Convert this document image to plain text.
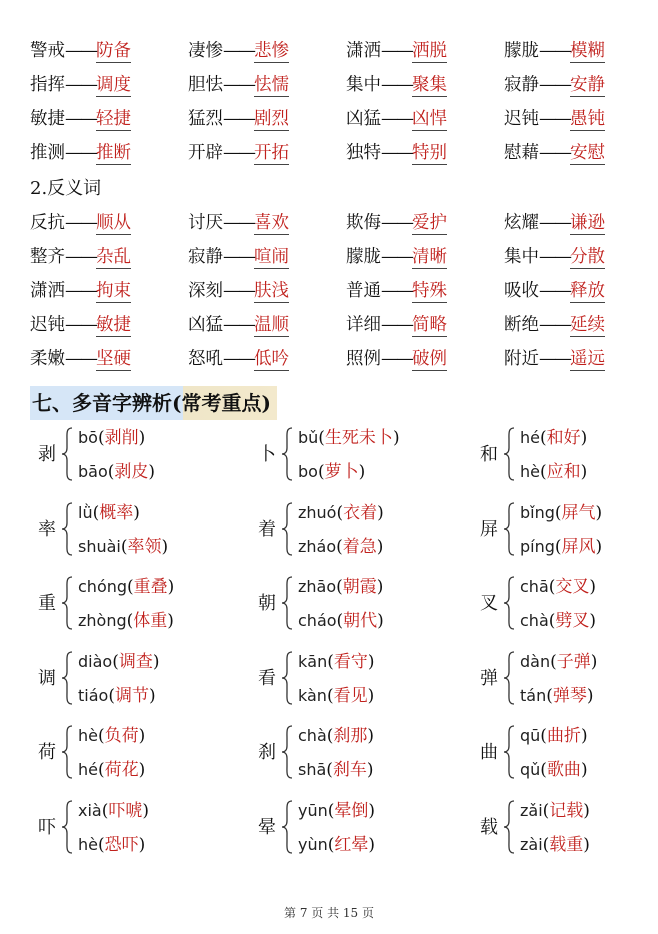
警戒——防备	凄惨——悲惨	潇洒——洒脱	朦胧——模糊
指挥——调度	胆怯——怯懦	集中——聚集	寂静——安静
敏捷——轻捷	猛烈——剧烈	凶猛——凶悍	迟钝——愚钝
推测——推断	开辟——开拓	独特——特别	慰藉——安慰
2.反义词
反抗——顺从	讨厌——喜欢	欺侮——爱护	炫耀——谦逊
整齐——杂乱	寂静——喧闹	朦胧——清晰	集中——分散
潇洒——拘束	深刻——肤浅	普通——特殊	吸收——释放
迟钝——敏捷	凶猛——温顺	详细——简略	断绝——延续
柔嫩——坚硬	怒吼——低吟	照例——破例	附近——遥远
七、多音字辨析(常考重点)
剥
bō(剥削)
bāo(剥皮)
卜
bǔ(生死未卜)
bo(萝卜)
和
hé(和好)
hè(应和)
率
lǜ(概率)
shuài(率领)
着
zhuó(衣着)
zháo(着急)
屏
bǐng(屏气)
píng(屏风)
重
chóng(重叠)
zhòng(体重)
朝
zhāo(朝霞)
cháo(朝代)
叉
chā(交叉)
chà(劈叉)
调
diào(调查)
tiáo(调节)
看
kān(看守)
kàn(看见)
弹
dàn(子弹)
tán(弹琴)
荷
hè(负荷)
hé(荷花)
刹
chà(刹那)
shā(刹车)
曲
qū(曲折)
qǔ(歌曲)
吓
xià(吓唬)
hè(恐吓)
晕
yūn(晕倒)
yùn(红晕)
载
zǎi(记载)
zài(载重)
第 7 页 共 15 页
